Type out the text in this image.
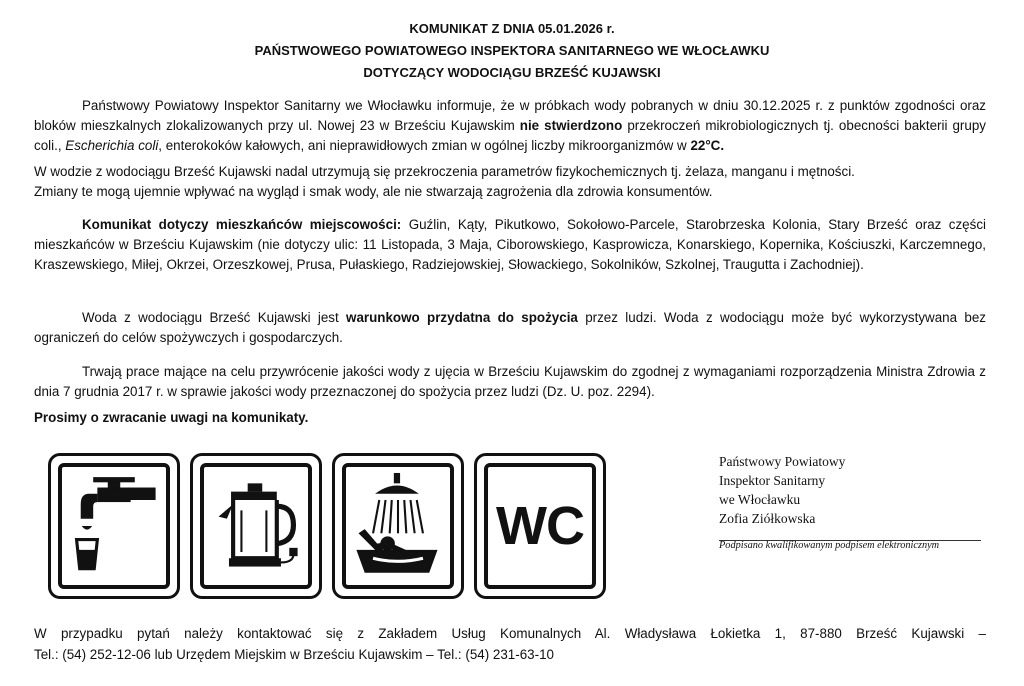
KOMUNIKAT Z DNIA 05.01.2026 r.
PAŃSTWOWEGO POWIATOWEGO INSPEKTORA SANITARNEGO WE WŁOCŁAWKU
DOTYCZĄCY WODOCIĄGU BRZEŚĆ KUJAWSKI
Państwowy Powiatowy Inspektor Sanitarny we Włocławku informuje, że w próbkach wody pobranych w dniu 30.12.2025 r. z punktów zgodności oraz bloków mieszkalnych zlokalizowanych przy ul. Nowej 23 w Brześciu Kujawskim nie stwierdzono przekroczeń mikrobiologicznych tj. obecności bakterii grupy coli., Escherichia coli, enterokoków kałowych, ani nieprawidłowych zmian w ogólnej liczby mikroorganizmów w 22°C.
W wodzie z wodociągu Brześć Kujawski nadal utrzymują się przekroczenia parametrów fizykochemicznych tj. żelaza, manganu i mętności.
Zmiany te mogą ujemnie wpływać na wygląd i smak wody, ale nie stwarzają zagrożenia dla zdrowia konsumentów.
Komunikat dotyczy mieszkańców miejscowości: Guźlin, Kąty, Pikutkowo, Sokołowo-Parcele, Starobrzeska Kolonia, Stary Brześć oraz części mieszkańców w Brześciu Kujawskim (nie dotyczy ulic: 11 Listopada, 3 Maja, Ciborowskiego, Kasprowicza, Konarskiego, Kopernika, Kościuszki, Karczemnego, Kraszewskiego, Miłej, Okrzei, Orzeszkowej, Prusa, Pułaskiego, Radziejowskiej, Słowackiego, Sokolników, Szkolnej, Traugutta i Zachodniej).
Woda z wodociągu Brześć Kujawski jest warunkowo przydatna do spożycia przez ludzi. Woda z wodociągu może być wykorzystywana bez ograniczeń do celów spożywczych i gospodarczych.
Trwają prace mające na celu przywrócenie jakości wody z ujęcia w Brześciu Kujawskim do zgodnej z wymaganiami rozporządzenia Ministra Zdrowia z dnia 7 grudnia 2017 r. w sprawie jakości wody przeznaczonej do spożycia przez ludzi (Dz. U. poz. 2294).
Prosimy o zwracanie uwagi na komunikaty.
WC
Państwowy Powiatowy
Inspektor Sanitarny
we Włocławku
Zofia Ziółkowska
Podpisano kwalifikowanym podpisem elektronicznym
W przypadku pytań należy kontaktować się z Zakładem Usług Komunalnych Al. Władysława Łokietka 1, 87-880 Brześć Kujawski –
Tel.: (54) 252-12-06 lub Urzędem Miejskim w Brześciu Kujawskim – Tel.: (54) 231-63-10
